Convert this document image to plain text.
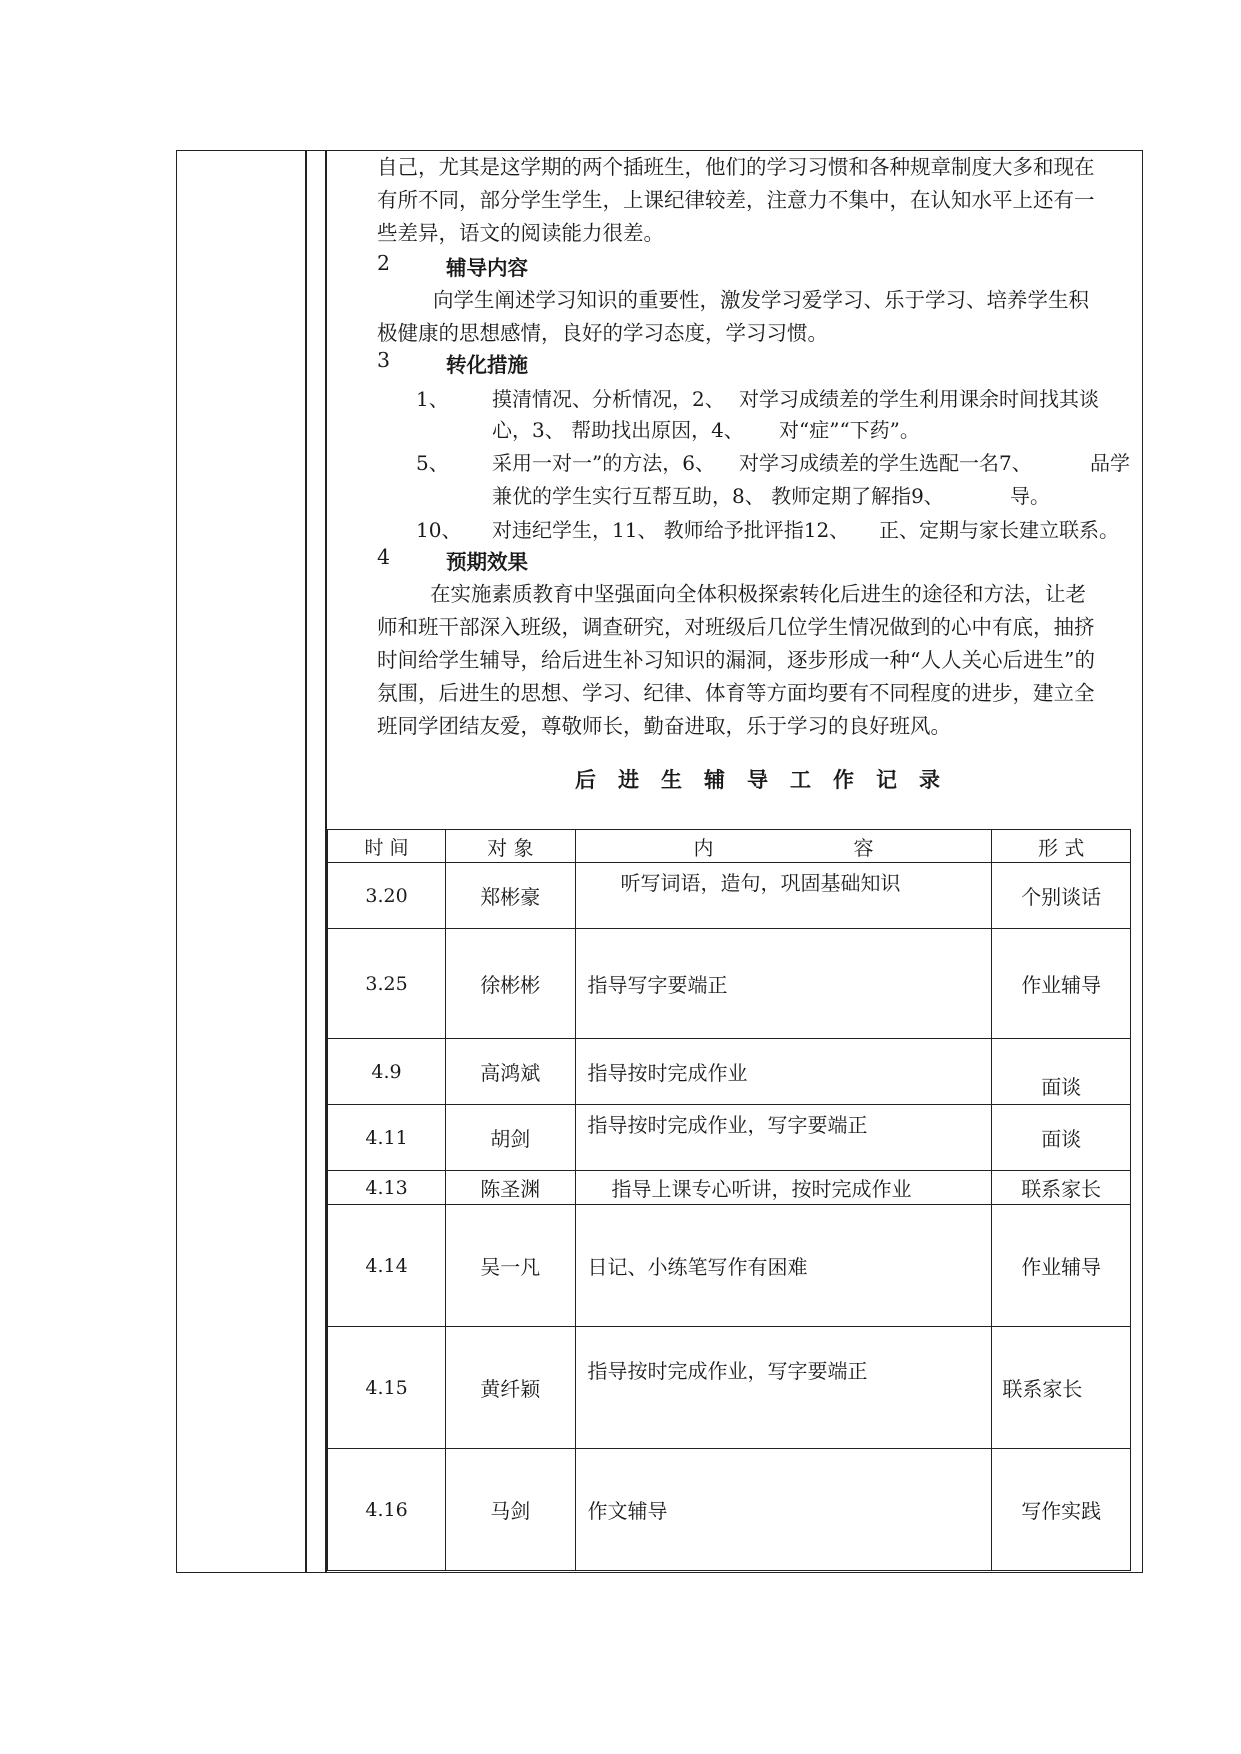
自己，尤其是这学期的两个插班生，他们的学习习惯和各种规章制度大多和现在
有所不同，部分学生学生，上课纪律较差，注意力不集中，在认知水平上还有一
些差异，语文的阅读能力很差。
2	辅导内容
向学生阐述学习知识的重要性，激发学习爱学习、乐于学习、培养学生积
极健康的思想感情，良好的学习态度，学习习惯。
3	转化措施
1、 摸清情况、分析情况，2、 对学习成绩差的学生利用课余时间找其谈
心，3、 帮助找出原因，4、 对“症”“下药”。
5、 采用一对一”的方法，6、 对学习成绩差的学生选配一名7、	品学
兼优的学生实行互帮互助，8、 教师定期了解指9、	导。
10、 对违纪学生，11、 教师给予批评指12、 正、定期与家长建立联系。
4	预期效果
在实施素质教育中坚强面向全体积极探索转化后进生的途径和方法，让老
师和班干部深入班级，调查研究，对班级后几位学生情况做到的心中有底，抽挤
时间给学生辅导，给后进生补习知识的漏洞，逐步形成一种“人人关心后进生”的
氛围，后进生的思想、学习、纪律、体育等方面均要有不同程度的进步，建立全
班同学团结友爱，尊敬师长，勤奋进取，乐于学习的良好班风。
后进生辅导工作记录
时 间	对 象	内　　　　　　　容	形 式
3.20	郑彬豪	听写词语，造句，巩固基础知识	个别谈话
3.25	徐彬彬	指导写字要端正	作业辅导
4.9	高鸿斌	指导按时完成作业	面谈
4.11	胡剑	指导按时完成作业，写字要端正	面谈
4.13	陈圣渊	指导上课专心听讲，按时完成作业	联系家长
4.14	吴一凡	日记、小练笔写作有困难	作业辅导
4.15	黄纤颖	指导按时完成作业，写字要端正	联系家长
4.16	马剑	作文辅导	写作实践
